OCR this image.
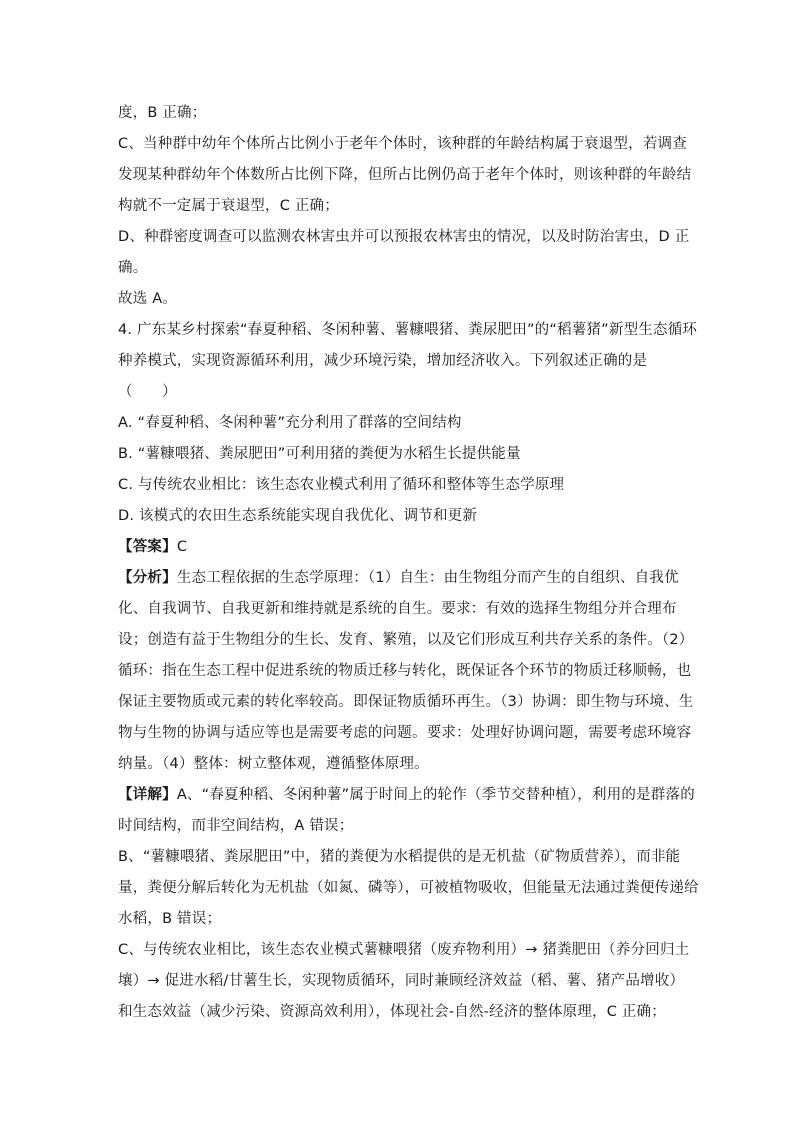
度，B 正确；
C、当种群中幼年个体所占比例小于老年个体时，该种群的年龄结构属于衰退型，若调查
发现某种群幼年个体数所占比例下降，但所占比例仍高于老年个体时，则该种群的年龄结
构就不一定属于衰退型，C 正确；
D、种群密度调查可以监测农林害虫并可以预报农林害虫的情况，以及时防治害虫，D 正
确。
故选 A。
4. 广东某乡村探索“春夏种稻、冬闲种薯、薯糠喂猪、粪尿肥田”的“稻薯猪”新型生态循环
种养模式，实现资源循环利用，减少环境污染，增加经济收入。下列叙述正确的是
（　　）
A. “春夏种稻、冬闲种薯”充分利用了群落的空间结构
B. “薯糠喂猪、粪尿肥田”可利用猪的粪便为水稻生长提供能量
C. 与传统农业相比：该生态农业模式利用了循环和整体等生态学原理
D. 该模式的农田生态系统能实现自我优化、调节和更新
【答案】C
【分析】生态工程依据的生态学原理：（1）自生：由生物组分而产生的自组织、自我优
化、自我调节、自我更新和维持就是系统的自生。要求：有效的选择生物组分并合理布
设；创造有益于生物组分的生长、发育、繁殖，以及它们形成互利共存关系的条件。（2）
循环：指在生态工程中促进系统的物质迁移与转化，既保证各个环节的物质迁移顺畅，也
保证主要物质或元素的转化率较高。即保证物质循环再生。（3）协调：即生物与环境、生
物与生物的协调与适应等也是需要考虑的问题。要求：处理好协调问题，需要考虑环境容
纳量。（4）整体：树立整体观，遵循整体原理。
【详解】A、“春夏种稻、冬闲种薯”属于时间上的轮作（季节交替种植），利用的是群落的
时间结构，而非空间结构，A 错误；
B、“薯糠喂猪、粪尿肥田”中，猪的粪便为水稻提供的是无机盐（矿物质营养），而非能
量，粪便分解后转化为无机盐（如氮、磷等），可被植物吸收，但能量无法通过粪便传递给
水稻，B 错误；
C、与传统农业相比，该生态农业模式薯糠喂猪（废弃物利用）→ 猪粪肥田（养分回归土
壤）→ 促进水稻/甘薯生长，实现物质循环，同时兼顾经济效益（稻、薯、猪产品增收）
和生态效益（减少污染、资源高效利用），体现社会-自然-经济的整体原理，C 正确；
